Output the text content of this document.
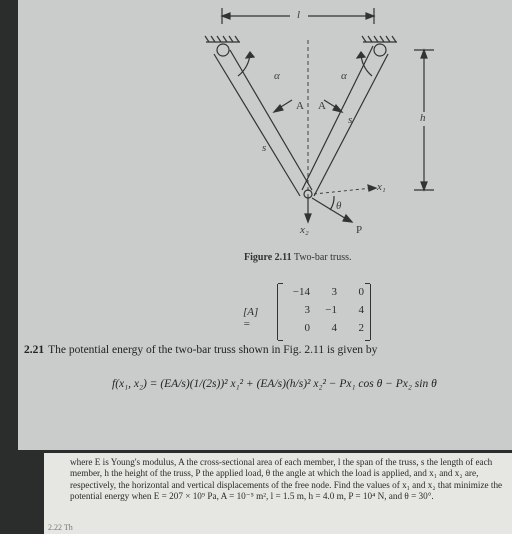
l
α	α
A A
s
s	h
θ
x₁
x₂	P
Figure 2.11 Two-bar truss.
[A] =
−14	3	0
3	−1	4
0	4	2
2.21 The potential energy of the two-bar truss shown in Fig. 2.11 is given by
f(x₁, x₂) = (EA/s)(1/(2s))² x₁² + (EA/s)(h/s)² x₂² − Px₁ cos θ − Px₂ sin θ
where E is Young's modulus, A the cross-sectional area of each member, l the span of the truss, s the length of each member, h the height of the truss, P the applied load, θ the angle at which the load is applied, and x₁ and x₂ are, respectively, the horizontal and vertical displacements of the free node. Find the values of x₁ and x₂ that minimize the potential energy when E = 207 × 10⁹ Pa, A = 10⁻⁵ m², l = 1.5 m, h = 4.0 m, P = 10⁴ N, and θ = 30°.
2.22 Th
